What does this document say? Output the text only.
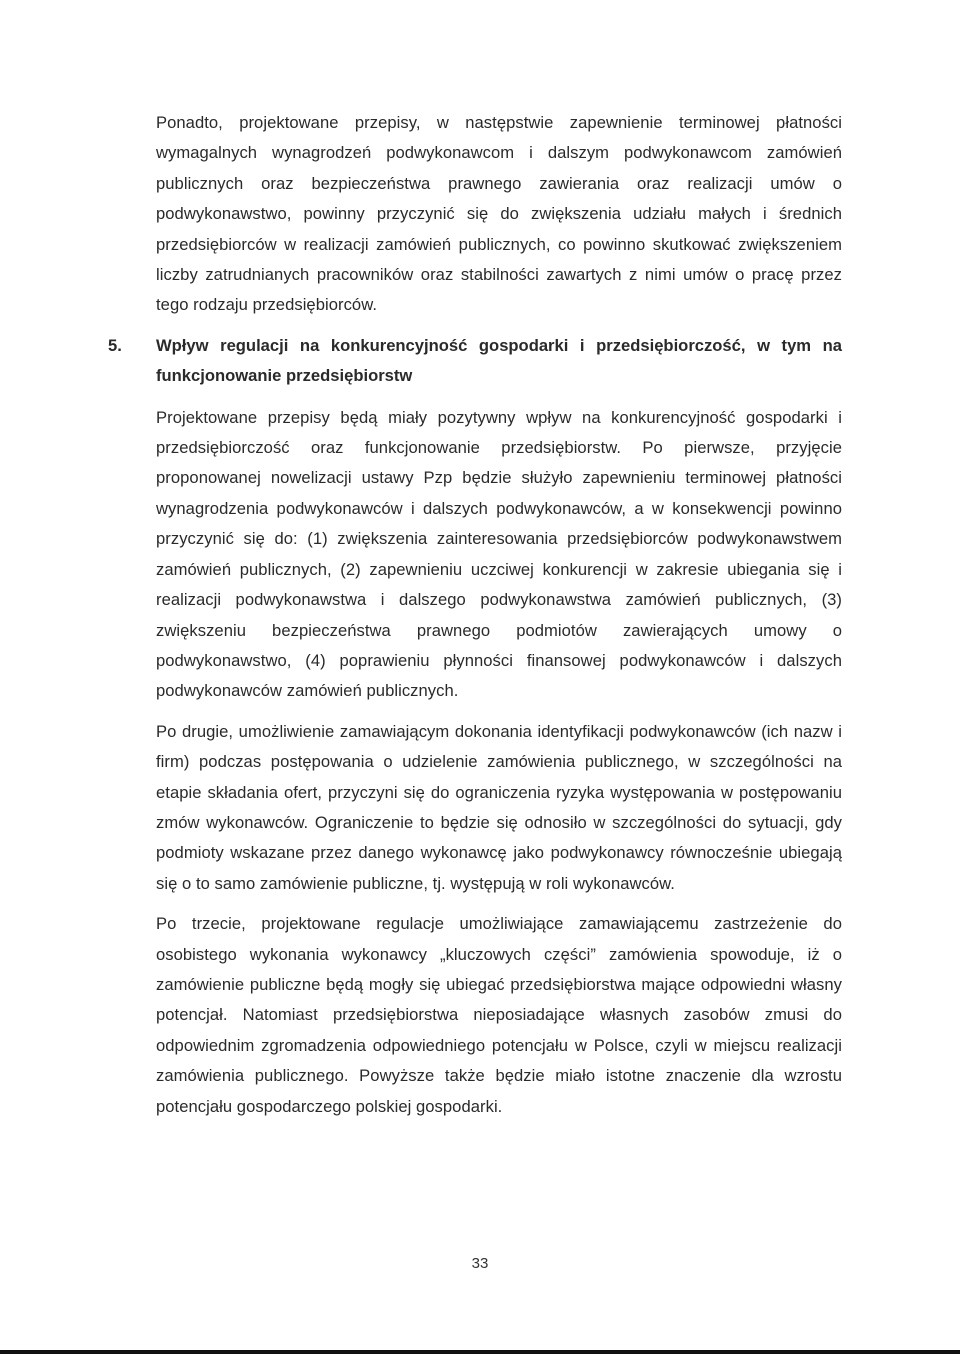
Ponadto, projektowane przepisy, w następstwie zapewnienie terminowej płatności wymagalnych wynagrodzeń podwykonawcom i dalszym podwykonawcom zamówień publicznych oraz bezpieczeństwa prawnego zawierania oraz realizacji umów o podwykonawstwo, powinny przyczynić się do zwiększenia udziału małych i średnich przedsiębiorców w realizacji zamówień publicznych, co powinno skutkować zwiększeniem liczby zatrudnianych pracowników oraz stabilności zawartych z nimi umów o pracę przez tego rodzaju przedsiębiorców.

5. Wpływ regulacji na konkurencyjność gospodarki i przedsiębiorczość, w tym na funkcjonowanie przedsiębiorstw

Projektowane przepisy będą miały pozytywny wpływ na konkurencyjność gospodarki i przedsiębiorczość oraz funkcjonowanie przedsiębiorstw. Po pierwsze, przyjęcie proponowanej nowelizacji ustawy Pzp będzie służyło zapewnieniu terminowej płatności wynagrodzenia podwykonawców i dalszych podwykonawców, a w konsekwencji powinno przyczynić się do: (1) zwiększenia zainteresowania przedsiębiorców podwykonawstwem zamówień publicznych, (2) zapewnieniu uczciwej konkurencji w zakresie ubiegania się i realizacji podwykonawstwa i dalszego podwykonawstwa zamówień publicznych, (3) zwiększeniu bezpieczeństwa prawnego podmiotów zawierających umowy o podwykonawstwo, (4) poprawieniu płynności finansowej podwykonawców i dalszych podwykonawców zamówień publicznych.

Po drugie, umożliwienie zamawiającym dokonania identyfikacji podwykonawców (ich nazw i firm) podczas postępowania o udzielenie zamówienia publicznego, w szczególności na etapie składania ofert, przyczyni się do ograniczenia ryzyka występowania w postępowaniu zmów wykonawców. Ograniczenie to będzie się odnosiło w szczególności do sytuacji, gdy podmioty wskazane przez danego wykonawcę jako podwykonawcy równocześnie ubiegają się o to samo zamówienie publiczne, tj. występują w roli wykonawców.

Po trzecie, projektowane regulacje umożliwiające zamawiającemu zastrzeżenie do osobistego wykonania wykonawcy „kluczowych części” zamówienia spowoduje, iż o zamówienie publiczne będą mogły się ubiegać przedsiębiorstwa mające odpowiedni własny potencjał. Natomiast przedsiębiorstwa nieposiadające własnych zasobów zmusi do odpowiednim zgromadzenia odpowiedniego potencjału w Polsce, czyli w miejscu realizacji zamówienia publicznego. Powyższe także będzie miało istotne znaczenie dla wzrostu potencjału gospodarczego polskiej gospodarki.

33
